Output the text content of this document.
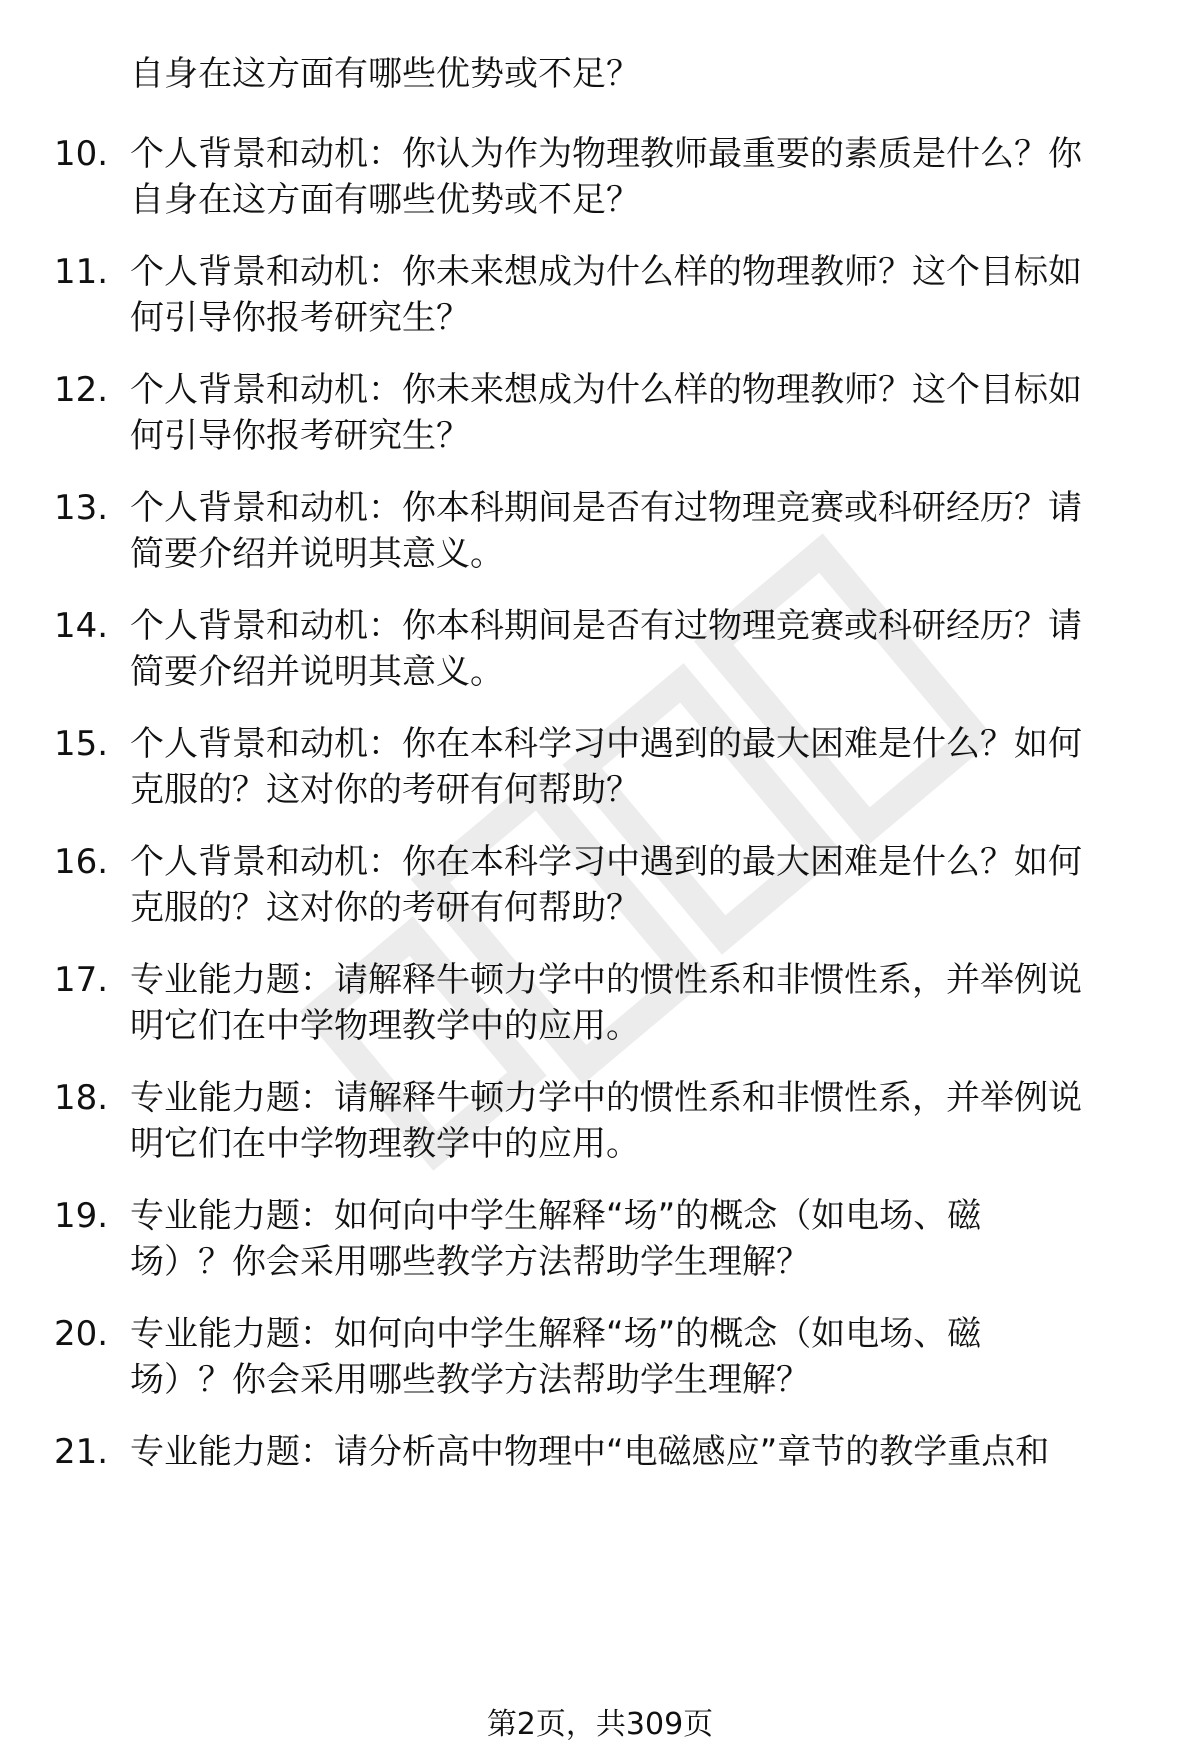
自身在这方面有哪些优势或不足？
10. 个人背景和动机：你认为作为物理教师最重要的素质是什么？你
自身在这方面有哪些优势或不足？
11. 个人背景和动机：你未来想成为什么样的物理教师？这个目标如
何引导你报考研究生？
12. 个人背景和动机：你未来想成为什么样的物理教师？这个目标如
何引导你报考研究生？
13. 个人背景和动机：你本科期间是否有过物理竞赛或科研经历？请
简要介绍并说明其意义。
14. 个人背景和动机：你本科期间是否有过物理竞赛或科研经历？请
简要介绍并说明其意义。
15. 个人背景和动机：你在本科学习中遇到的最大困难是什么？如何
克服的？这对你的考研有何帮助？
16. 个人背景和动机：你在本科学习中遇到的最大困难是什么？如何
克服的？这对你的考研有何帮助？
17. 专业能力题：请解释牛顿力学中的惯性系和非惯性系，并举例说
明它们在中学物理教学中的应用。
18. 专业能力题：请解释牛顿力学中的惯性系和非惯性系，并举例说
明它们在中学物理教学中的应用。
19. 专业能力题：如何向中学生解释“场”的概念（如电场、磁
场）？你会采用哪些教学方法帮助学生理解？
20. 专业能力题：如何向中学生解释“场”的概念（如电场、磁
场）？你会采用哪些教学方法帮助学生理解？
21. 专业能力题：请分析高中物理中“电磁感应”章节的教学重点和
第2页，共309页
